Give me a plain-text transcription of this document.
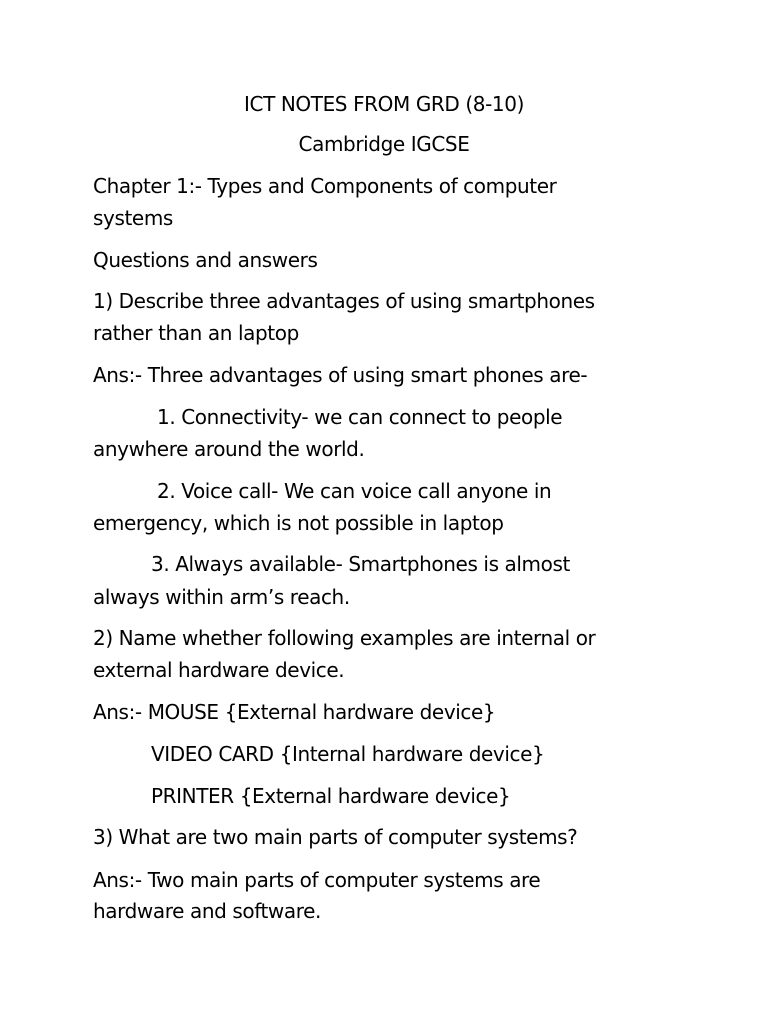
ICT NOTES FROM GRD (8-10)
Cambridge IGCSE
Chapter 1:- Types and Components of computer
systems
Questions and answers
1) Describe three advantages of using smartphones
rather than an laptop
Ans:- Three advantages of using smart phones are-
1. Connectivity- we can connect to people
anywhere around the world.
2. Voice call- We can voice call anyone in
emergency, which is not possible in laptop
3. Always available- Smartphones is almost
always within arm’s reach.
2) Name whether following examples are internal or
external hardware device.
Ans:- MOUSE {External hardware device}
VIDEO CARD {Internal hardware device}
PRINTER {External hardware device}
3) What are two main parts of computer systems?
Ans:- Two main parts of computer systems are
hardware and software.
